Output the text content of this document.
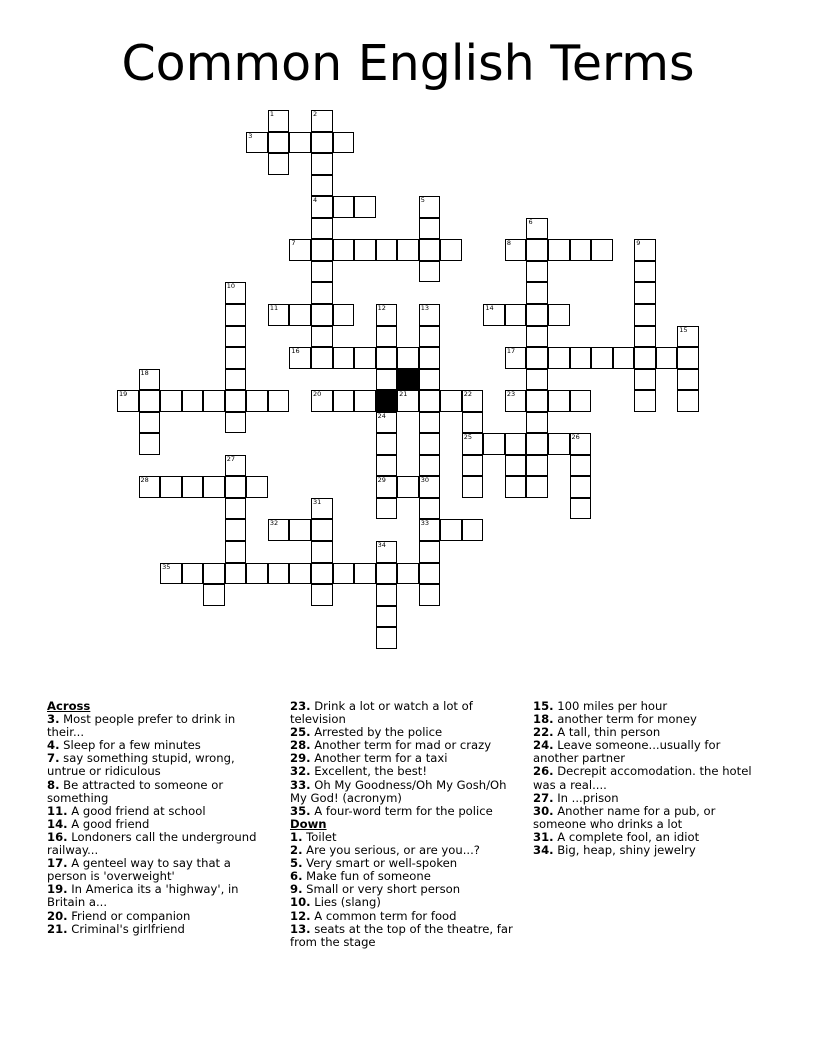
Common English Terms
1	2
3
4	5
6
7	8	9
10
11	12	13	14
15
16	17
18
19	20	21	22	23
24
25	26
27
28	29	30
31
32	33
34
35
Across
3. Most people prefer to drink in their...
4. Sleep for a few minutes
7. say something stupid, wrong, untrue or ridiculous
8. Be attracted to someone or something
11. A good friend at school
14. A good friend
16. Londoners call the underground railway...
17. A genteel way to say that a person is 'overweight'
19. In America its a 'highway', in Britain a...
20. Friend or companion
21. Criminal's girlfriend
23. Drink a lot or watch a lot of television
25. Arrested by the police
28. Another term for mad or crazy
29. Another term for a taxi
32. Excellent, the best!
33. Oh My Goodness/Oh My Gosh/Oh My God! (acronym)
35. A four-word term for the police
Down
1. Toilet
2. Are you serious, or are you...?
5. Very smart or well-spoken
6. Make fun of someone
9. Small or very short person
10. Lies (slang)
12. A common term for food
13. seats at the top of the theatre, far from the stage
15. 100 miles per hour
18. another term for money
22. A tall, thin person
24. Leave someone...usually for another partner
26. Decrepit accomodation. the hotel was a real....
27. In ...prison
30. Another name for a pub, or someone who drinks a lot
31. A complete fool, an idiot
34. Big, heap, shiny jewelry
